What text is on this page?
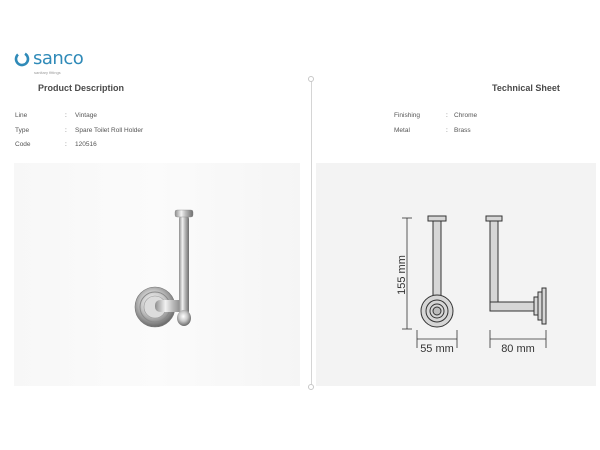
sanco
sanitary fittings
Product Description	Technical Sheet
Line	: Vintage
Type	: Spare Toilet Roll Holder
Code	: 120516
Finishing	: Chrome
Metal	: Brass
155 mm
55 mm	80 mm
